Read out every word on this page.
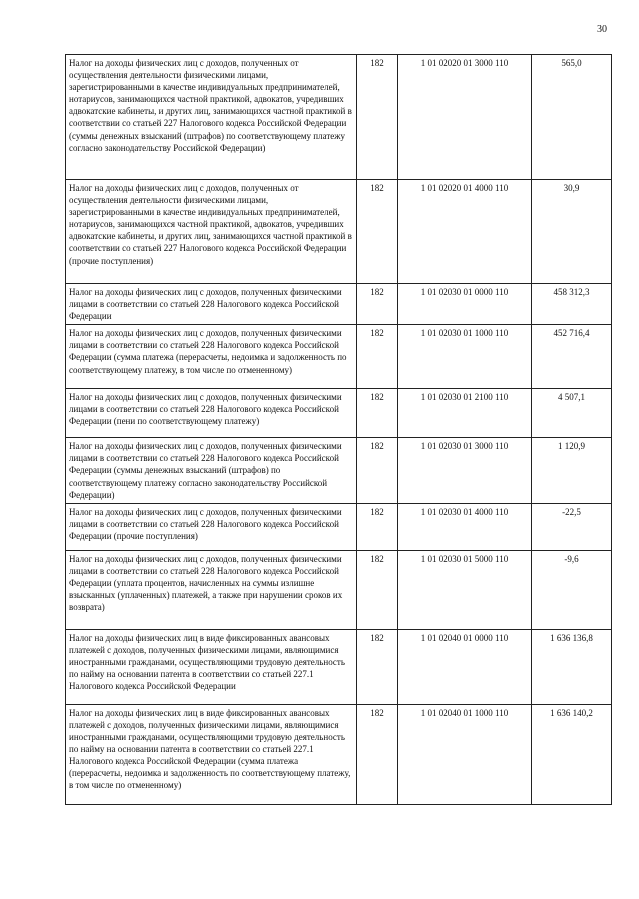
30
Налог на доходы физических лиц с доходов, полученных от осуществления деятельности физическими лицами, зарегистрированными в качестве индивидуальных предпринимателей, нотариусов, занимающихся частной практикой, адвокатов, учредивших адвокатские кабинеты, и других лиц, занимающихся частной практикой в соответствии со статьей 227 Налогового кодекса Российской Федерации (суммы денежных взысканий (штрафов) по соответствующему платежу согласно законодательству Российской Федерации)	182	1 01 02020 01 3000 110	565,0
Налог на доходы физических лиц с доходов, полученных от осуществления деятельности физическими лицами, зарегистрированными в качестве индивидуальных предпринимателей, нотариусов, занимающихся частной практикой, адвокатов, учредивших адвокатские кабинеты, и других лиц, занимающихся частной практикой в соответствии со статьей 227 Налогового кодекса Российской Федерации (прочие поступления)	182	1 01 02020 01 4000 110	30,9
Налог на доходы физических лиц с доходов, полученных физическими лицами в соответствии со статьей 228 Налогового кодекса Российской Федерации	182	1 01 02030 01 0000 110	458 312,3
Налог на доходы физических лиц с доходов, полученных физическими лицами в соответствии со статьей 228 Налогового кодекса Российской Федерации (сумма платежа (перерасчеты, недоимка и задолженность по соответствующему платежу, в том числе по отмененному)	182	1 01 02030 01 1000 110	452 716,4
Налог на доходы физических лиц с доходов, полученных физическими лицами в соответствии со статьей 228 Налогового кодекса Российской Федерации (пени по соответствующему платежу)	182	1 01 02030 01 2100 110	4 507,1
Налог на доходы физических лиц с доходов, полученных физическими лицами в соответствии со статьей 228 Налогового кодекса Российской Федерации (суммы денежных взысканий (штрафов) по соответствующему платежу согласно законодательству Российской Федерации)	182	1 01 02030 01 3000 110	1 120,9
Налог на доходы физических лиц с доходов, полученных физическими лицами в соответствии со статьей 228 Налогового кодекса Российской Федерации (прочие поступления)	182	1 01 02030 01 4000 110	-22,5
Налог на доходы физических лиц с доходов, полученных физическими лицами в соответствии со статьей 228 Налогового кодекса Российской Федерации (уплата процентов, начисленных на суммы излишне взысканных (уплаченных) платежей, а также при нарушении сроков их возврата)	182	1 01 02030 01 5000 110	-9,6
Налог на доходы физических лиц в виде фиксированных авансовых платежей с доходов, полученных физическими лицами, являющимися иностранными гражданами, осуществляющими трудовую деятельность по найму на основании патента в соответствии со статьей 227.1 Налогового кодекса Российской Федерации	182	1 01 02040 01 0000 110	1 636 136,8
Налог на доходы физических лиц в виде фиксированных авансовых платежей с доходов, полученных физическими лицами, являющимися иностранными гражданами, осуществляющими трудовую деятельность по найму на основании патента в соответствии со статьей 227.1 Налогового кодекса Российской Федерации (сумма платежа (перерасчеты, недоимка и задолженность по соответствующему платежу, в том числе по отмененному)	182	1 01 02040 01 1000 110	1 636 140,2
